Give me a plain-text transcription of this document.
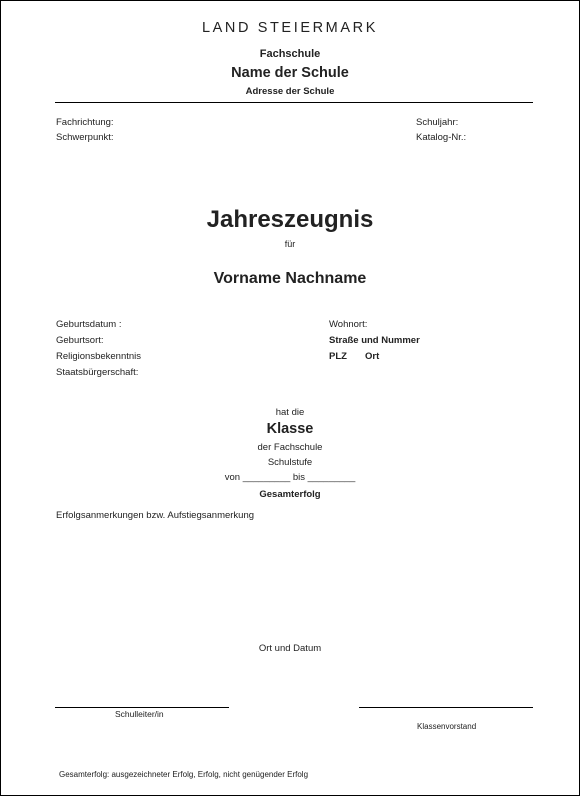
LAND STEIERMARK
Fachschule
Name der Schule
Adresse der Schule
Fachrichtung:
Schwerpunkt:
Schuljahr:
Katalog-Nr.:
Jahreszeugnis
für
Vorname Nachname
Geburtsdatum :
Geburtsort:
Religionsbekenntnis
Staatsbürgerschaft:
Wohnort:
Straße und Nummer
PLZ Ort
hat die
Klasse
der Fachschule
Schulstufe
von _________ bis _________
Gesamterfolg
Erfolgsanmerkungen bzw. Aufstiegsanmerkung
Ort und Datum
Schulleiter/in
Klassenvorstand
Gesamterfolg: ausgezeichneter Erfolg, Erfolg, nicht genügender Erfolg
